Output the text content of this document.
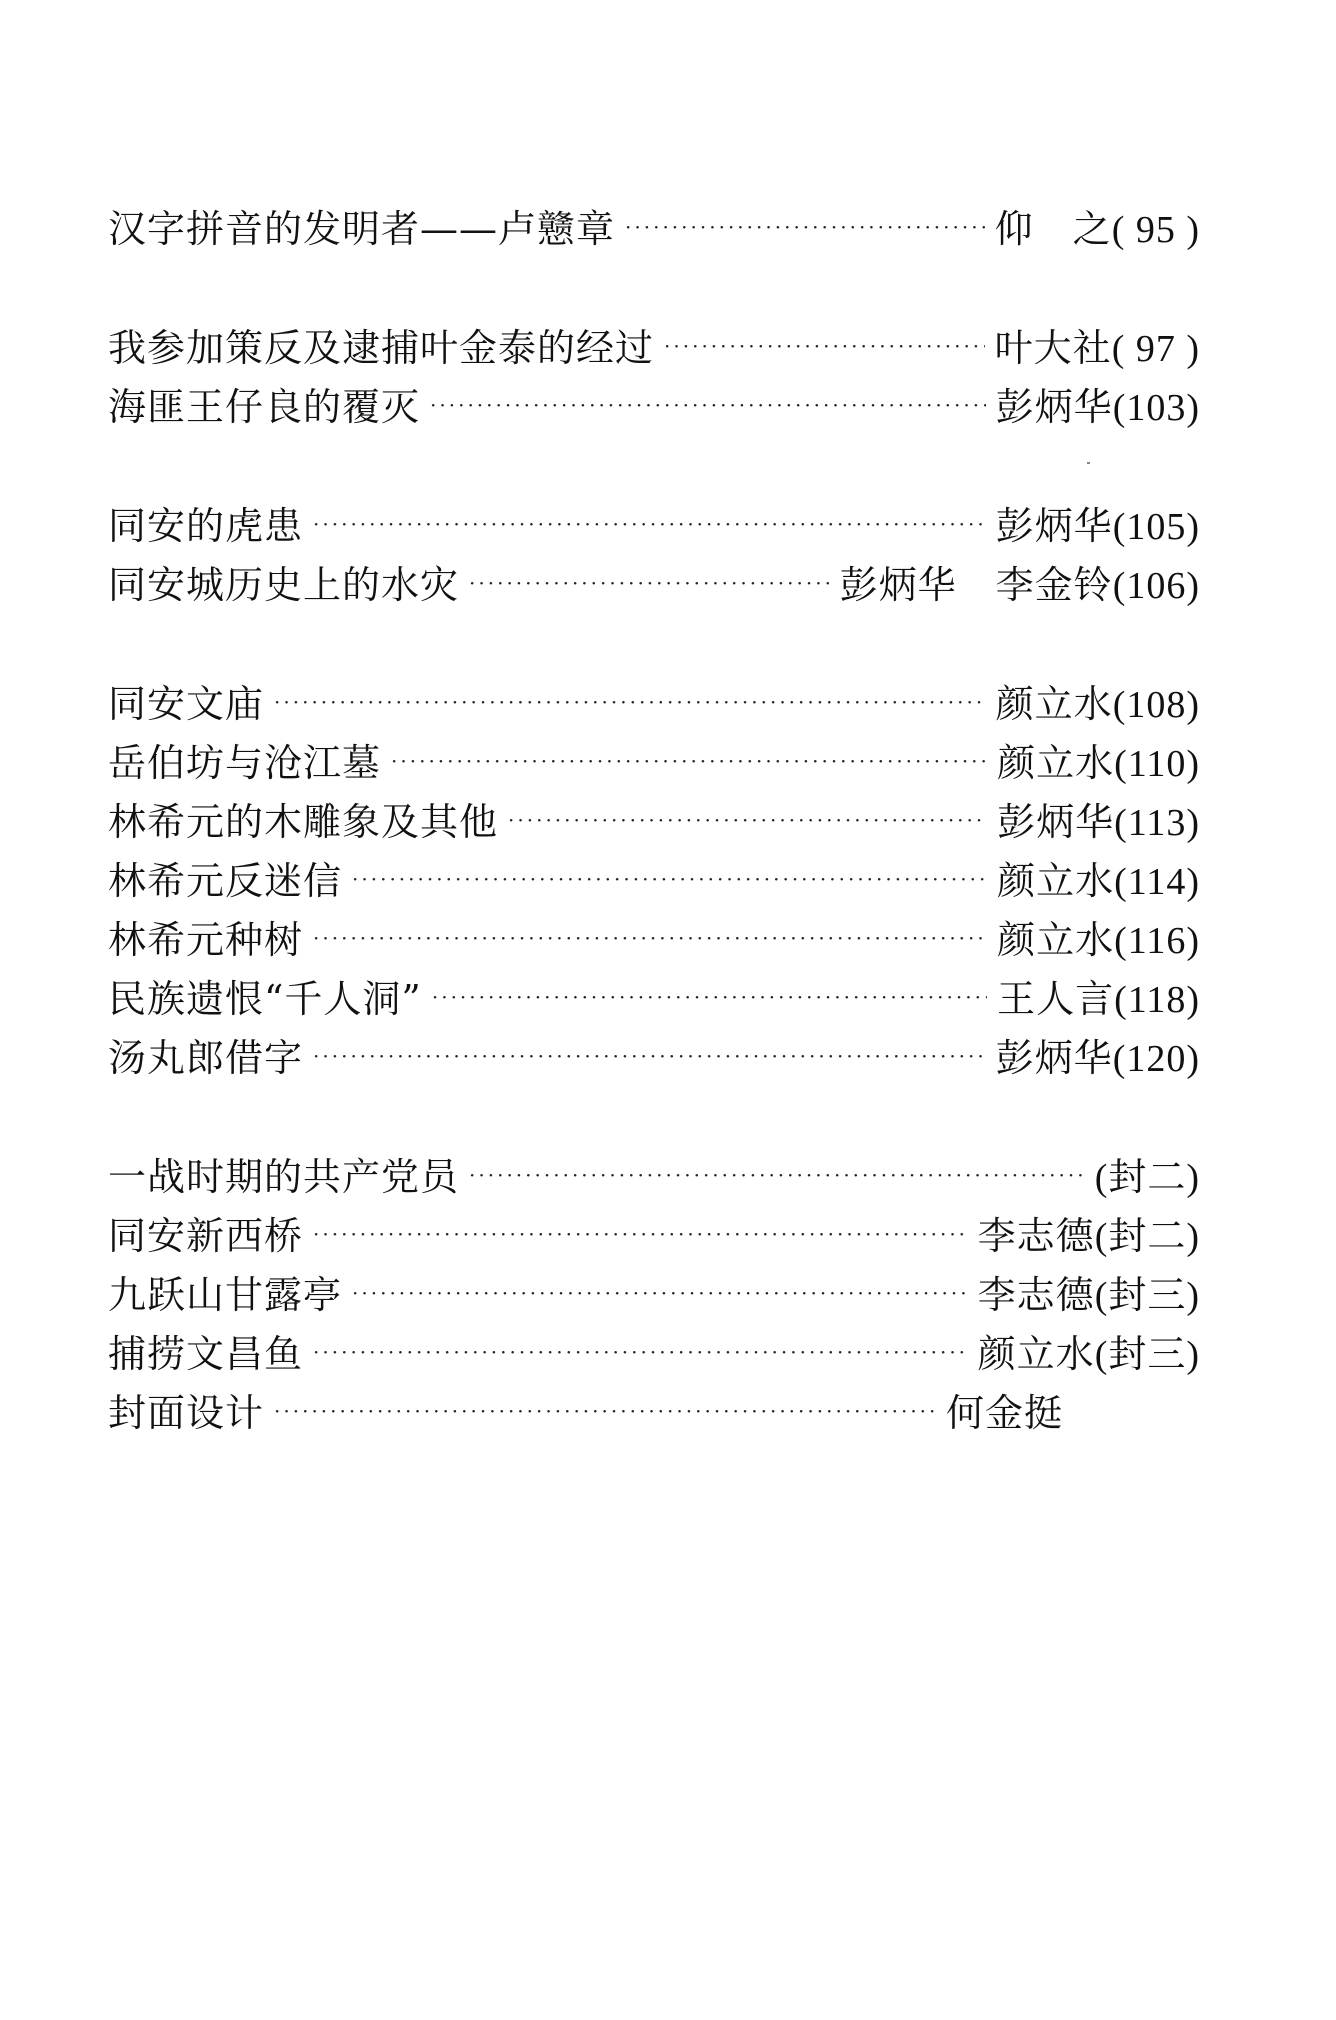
汉字拼音的发明者——卢戆章 ·····	仰　之 ( 95 )
我参加策反及逮捕叶金泰的经过 ·····	叶大社 ( 97 )
海匪王仔良的覆灭 ·····	彭炳华 (103)
同安的虎患 ·····	彭炳华 (105)
同安城历史上的水灾 ·····	彭炳华　李金铃 (106)
同安文庙 ·····	颜立水 (108)
岳伯坊与沧江墓 ·····	颜立水 (110)
林希元的木雕象及其他 ·····	彭炳华 (113)
林希元反迷信 ·····	颜立水 (114)
林希元种树 ·····	颜立水 (116)
民族遗恨“千人洞” ·····	王人言 (118)
汤丸郎借字 ·····	彭炳华 (120)
一战时期的共产党员 ·····	(封二)
同安新西桥 ·····	李志德 (封二)
九跃山甘露亭 ·····	李志德 (封三)
捕捞文昌鱼 ·····	颜立水 (封三)
封面设计 ·····	何金挺
